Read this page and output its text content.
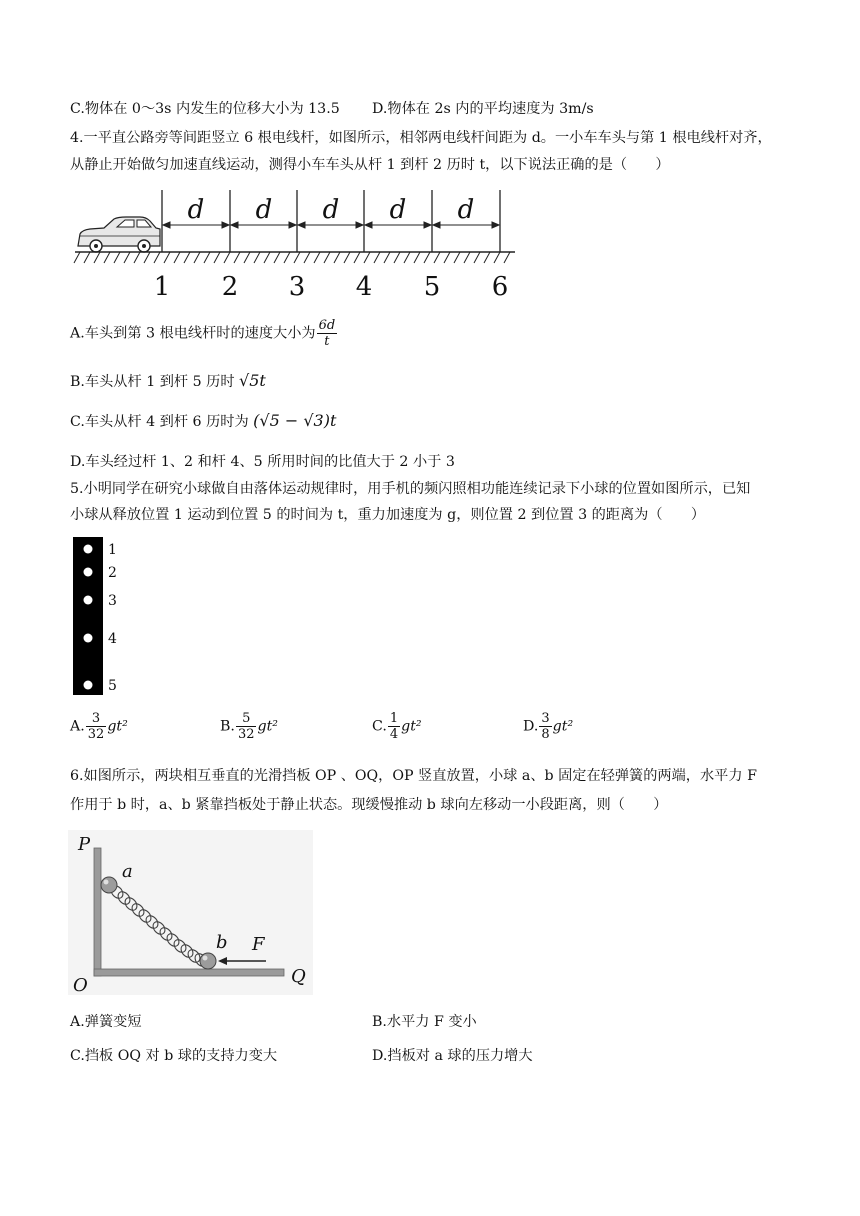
C.物体在 0～3s 内发生的位移大小为 13.5 D.物体在 2s 内的平均速度为 3m/s
4.一平直公路旁等间距竖立 6 根电线杆，如图所示，相邻两电线杆间距为 d。一小车车头与第 1 根电线杆对齐，
从静止开始做匀加速直线运动，测得小车车头从杆 1 到杆 2 历时 t，以下说法正确的是（　　）
d d d d d
1 2 3 4 5 6
A.车头到第 3 根电线杆时的速度大小为 $\frac{6d}{t}$
B.车头从杆 1 到杆 5 历时 √5t
C.车头从杆 4 到杆 6 历时为 (√5 − √3)t
D.车头经过杆 1、2 和杆 4、5 所用时间的比值大于 2 小于 3
5.小明同学在研究小球做自由落体运动规律时，用手机的频闪照相功能连续记录下小球的位置如图所示，已知
小球从释放位置 1 运动到位置 5 的时间为 t，重力加速度为 g，则位置 2 到位置 3 的距离为（　　）
1
2
3
4
5
A. $\frac{3}{32} gt^2$	B. $\frac{5}{32} gt^2$	C. $\frac{1}{4} gt^2$	D. $\frac{3}{8} gt^2$
6.如图所示，两块相互垂直的光滑挡板 OP 、OQ，OP 竖直放置，小球 a、b 固定在轻弹簧的两端，水平力 F
作用于 b 时，a、b 紧靠挡板处于静止状态。现缓慢推动 b 球向左移动一小段距离，则（　　）
P
O	Q
a
b F
A.弹簧变短	B.水平力 F 变小
C.挡板 OQ 对 b 球的支持力变大	D.挡板对 a 球的压力增大
